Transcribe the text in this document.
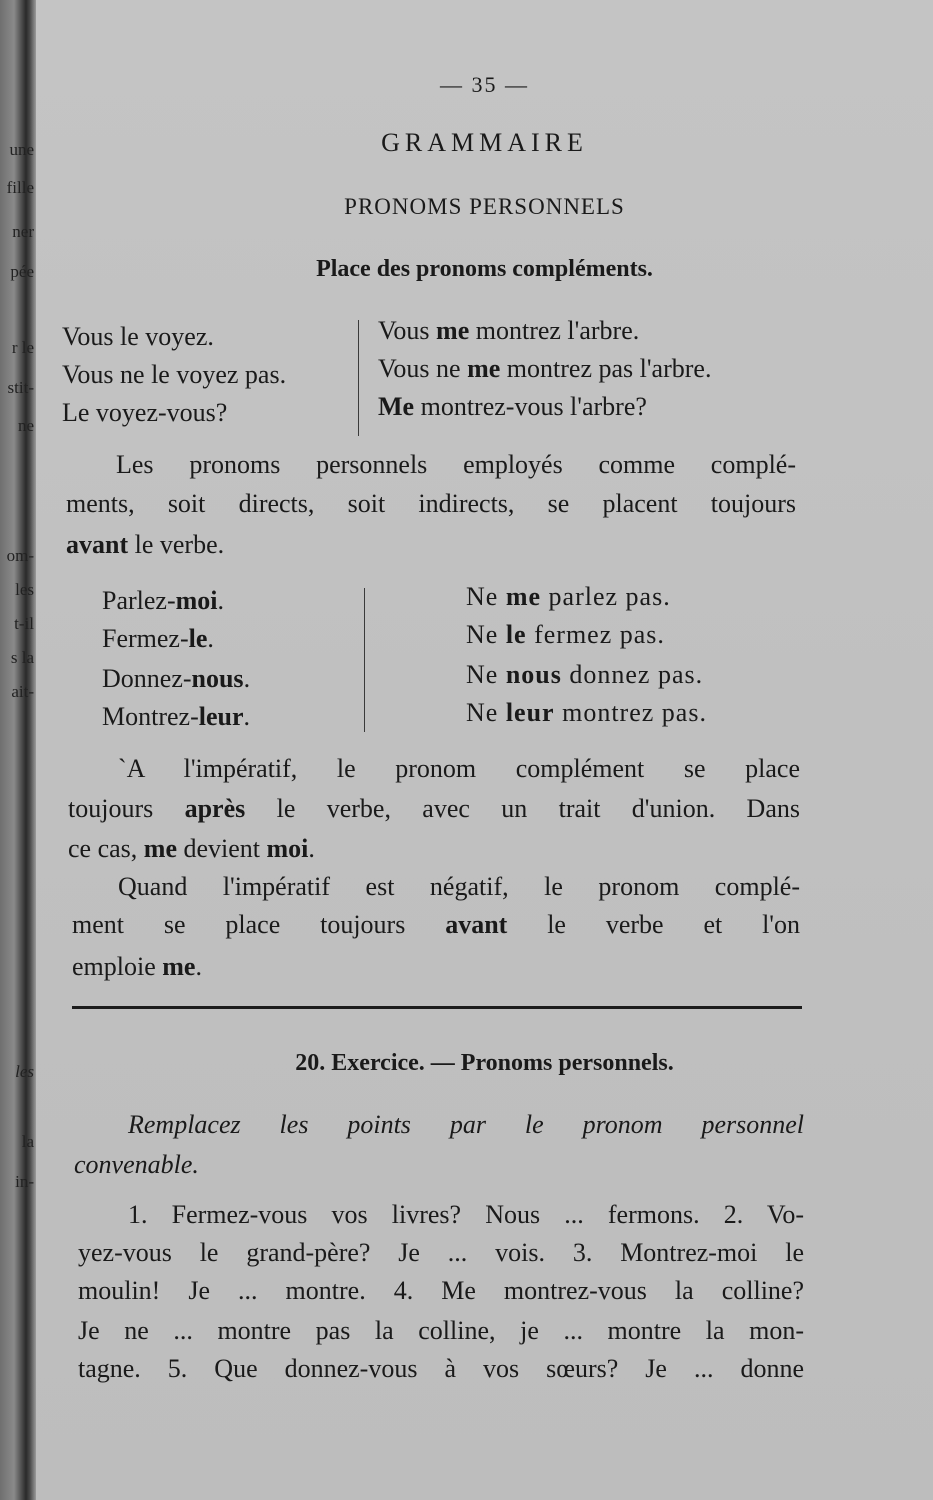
une
fille
ner
pée
r le
stit-
ne
om-
les
t-il
s la
ait-
les
la
in-
— 35 —
GRAMMAIRE
PRONOMS PERSONNELS
Place des pronoms compléments.
Vous le voyez.
Vous ne le voyez pas.
Le voyez-vous?
Vous me montrez l'arbre.
Vous ne me montrez pas l'arbre.
Me montrez-vous l'arbre?
Les pronoms personnels employés comme complé-
ments, soit directs, soit indirects, se placent toujours
avant le verbe.
Parlez-moi.
Fermez-le.
Donnez-nous.
Montrez-leur.
Ne me parlez pas.
Ne le fermez pas.
Ne nous donnez pas.
Ne leur montrez pas.
`A l'impératif, le pronom complément se place
toujours après le verbe, avec un trait d'union. Dans
ce cas, me devient moi.
Quand l'impératif est négatif, le pronom complé-
ment se place toujours avant le verbe et l'on
emploie me.
20. Exercice. — Pronoms personnels.
Remplacez les points par le pronom personnel
convenable.
1. Fermez-vous vos livres? Nous ... fermons. 2. Vo-
yez-vous le grand-père? Je ... vois. 3. Montrez-moi le
moulin! Je ... montre. 4. Me montrez-vous la colline?
Je ne ... montre pas la colline, je ... montre la mon-
tagne. 5. Que donnez-vous à vos sœurs? Je ... donne
